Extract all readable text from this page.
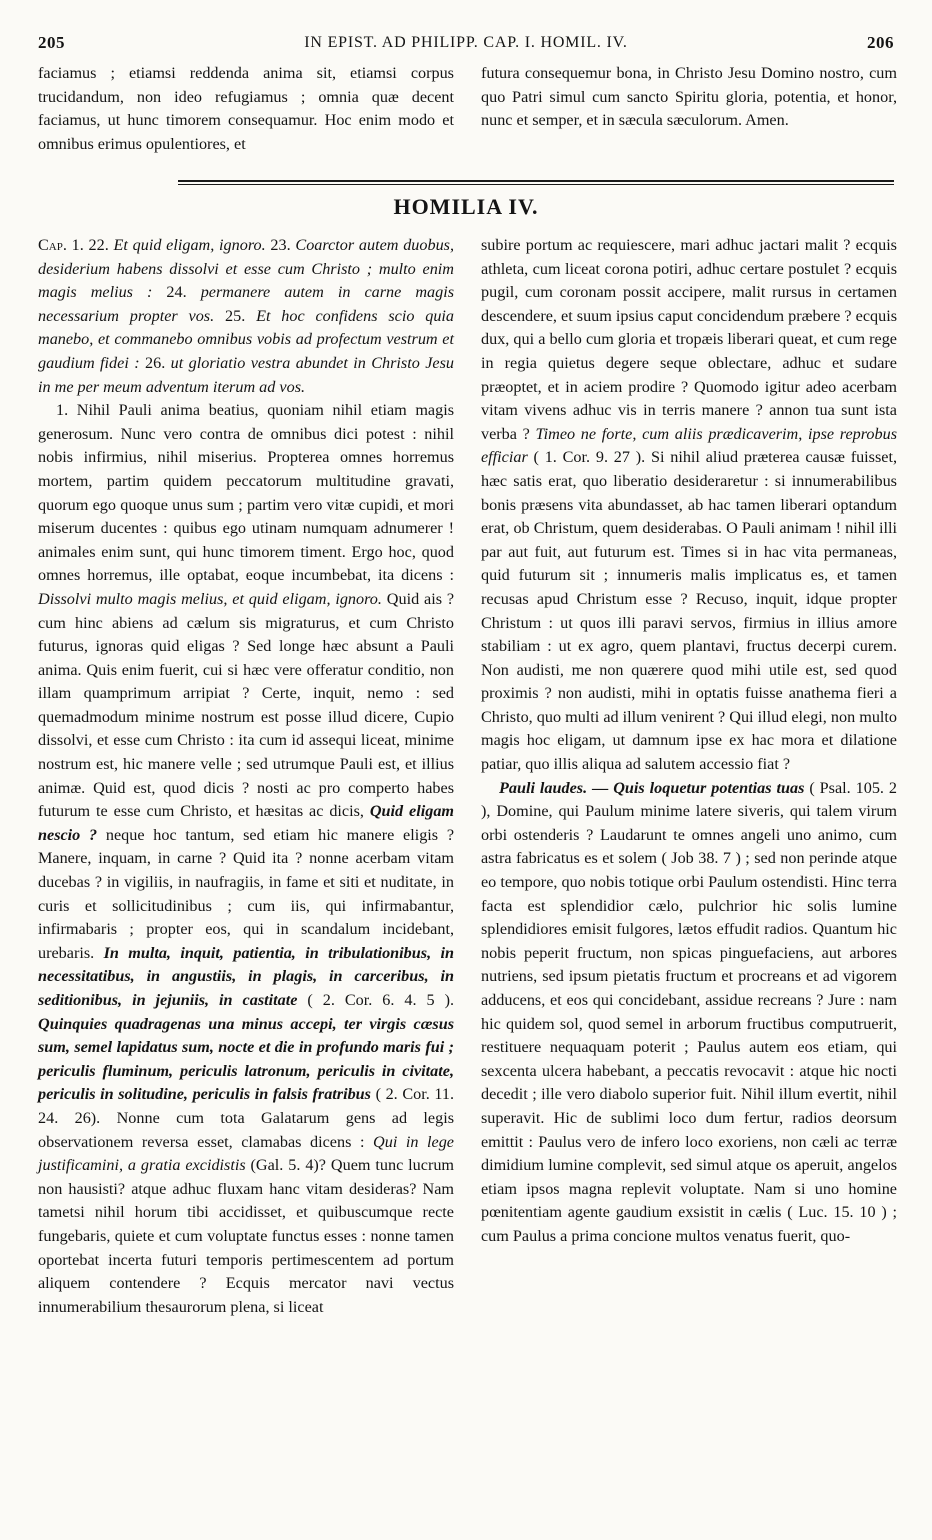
205	IN EPIST. AD PHILIPP. CAP. I. HOMIL. IV.	206

faciamus ; etiamsi reddenda anima sit, etiamsi corpus trucidandum, non ideo refugiamus ; omnia quæ decent faciamus, ut hunc timorem consequamur. Hoc enim modo et omnibus erimus opulentiores, et

futura consequemur bona, in Christo Jesu Domino nostro, cum quo Patri simul cum sancto Spiritu gloria, potentia, et honor, nunc et semper, et in sæcula sæculorum. Amen.

HOMILIA IV.

Cap. 1. 22. Et quid eligam, ignoro. 23. Coarctor autem duobus, desiderium habens dissolvi et esse cum Christo ; multo enim magis melius : 24. permanere autem in carne magis necessarium propter vos. 25. Et hoc confidens scio quia manebo, et commanebo omnibus vobis ad profectum vestrum et gaudium fidei : 26. ut gloriatio vestra abundet in Christo Jesu in me per meum adventum iterum ad vos.

1. Nihil Pauli anima beatius, quoniam nihil etiam magis generosum. Nunc vero contra de omnibus dici potest : nihil nobis infirmius, nihil miserius. Propterea omnes horremus mortem, partim quidem peccatorum multitudine gravati, quorum ego quoque unus sum ; partim vero vitæ cupidi, et mori miserum ducentes : quibus ego utinam numquam adnumerer ! animales enim sunt, qui hunc timorem timent. Ergo hoc, quod omnes horremus, ille optabat, eoque incumbebat, ita dicens : Dissolvi multo magis melius, et quid eligam, ignoro. Quid ais ? cum hinc abiens ad cælum sis migraturus, et cum Christo futurus, ignoras quid eligas ? Sed longe hæc absunt a Pauli anima. Quis enim fuerit, cui si hæc vere offeratur conditio, non illam quamprimum arripiat ? Certe, inquit, nemo : sed quemadmodum minime nostrum est posse illud dicere, Cupio dissolvi, et esse cum Christo : ita cum id assequi liceat, minime nostrum est, hic manere velle ; sed utrumque Pauli est, et illius animæ. Quid est, quod dicis ? nosti ac pro comperto habes futurum te esse cum Christo, et hæsitas ac dicis, Quid eligam nescio ? neque hoc tantum, sed etiam hic manere eligis ? Manere, inquam, in carne ? Quid ita ? nonne acerbam vitam ducebas ? in vigiliis, in naufragiis, in fame et siti et nuditate, in curis et sollicitudinibus ; cum iis, qui infirmabantur, infirmabaris ; propter eos, qui in scandalum incidebant, urebaris. In multa, inquit, patientia, in tribulationibus, in necessitatibus, in angustiis, in plagis, in carceribus, in seditionibus, in jejuniis, in castitate ( 2. Cor. 6. 4. 5 ). Quinquies quadragenas una minus accepi, ter virgis cæsus sum, semel lapidatus sum, nocte et die in profundo maris fui ; periculis fluminum, periculis latronum, periculis in civitate, periculis in solitudine, periculis in falsis fratribus ( 2. Cor. 11. 24. 26). Nonne cum tota Galatarum gens ad legis observationem reversa esset, clamabas dicens : Qui in lege justificamini, a gratia excidistis (Gal. 5. 4)? Quem tunc lucrum non hausisti? atque adhuc fluxam hanc vitam desideras? Nam tametsi nihil horum tibi accidisset, et quibuscumque recte fungebaris, quiete et cum voluptate functus esses : nonne tamen oportebat incerta futuri temporis pertimescentem ad portum aliquem contendere ? Ecquis mercator navi vectus innumerabilium thesaurorum plena, si liceat

subire portum ac requiescere, mari adhuc jactari malit ? ecquis athleta, cum liceat corona potiri, adhuc certare postulet ? ecquis pugil, cum coronam possit accipere, malit rursus in certamen descendere, et suum ipsius caput concidendum præbere ? ecquis dux, qui a bello cum gloria et tropæis liberari queat, et cum rege in regia quietus degere seque oblectare, adhuc et sudare præoptet, et in aciem prodire ? Quomodo igitur adeo acerbam vitam vivens adhuc vis in terris manere ? annon tua sunt ista verba ? Timeo ne forte, cum aliis prædicaverim, ipse reprobus efficiar ( 1. Cor. 9. 27 ). Si nihil aliud præterea causæ fuisset, hæc satis erat, quo liberatio desideraretur : si innumerabilibus bonis præsens vita abundasset, ab hac tamen liberari optandum erat, ob Christum, quem desiderabas. O Pauli animam ! nihil illi par aut fuit, aut futurum est. Times si in hac vita permaneas, quid futurum sit ; innumeris malis implicatus es, et tamen recusas apud Christum esse ? Recuso, inquit, idque propter Christum : ut quos illi paravi servos, firmius in illius amore stabiliam : ut ex agro, quem plantavi, fructus decerpi curem. Non audisti, me non quærere quod mihi utile est, sed quod proximis ? non audisti, mihi in optatis fuisse anathema fieri a Christo, quo multi ad illum venirent ? Qui illud elegi, non multo magis hoc eligam, ut damnum ipse ex hac mora et dilatione patiar, quo illis aliqua ad salutem accessio fiat ?

Pauli laudes. — Quis loquetur potentias tuas ( Psal. 105. 2 ), Domine, qui Paulum minime latere siveris, qui talem virum orbi ostenderis ? Laudarunt te omnes angeli uno animo, cum astra fabricatus es et solem ( Job 38. 7 ) ; sed non perinde atque eo tempore, quo nobis totique orbi Paulum ostendisti. Hinc terra facta est splendidior cælo, pulchrior hic solis lumine splendidiores emisit fulgores, lætos effudit radios. Quantum hic nobis peperit fructum, non spicas pinguefaciens, aut arbores nutriens, sed ipsum pietatis fructum et procreans et ad vigorem adducens, et eos qui concidebant, assidue recreans ? Jure : nam hic quidem sol, quod semel in arborum fructibus computruerit, restituere nequaquam poterit ; Paulus autem eos etiam, qui sexcenta ulcera habebant, a peccatis revocavit : atque hic nocti decedit ; ille vero diabolo superior fuit. Nihil illum evertit, nihil superavit. Hic de sublimi loco dum fertur, radios deorsum emittit : Paulus vero de infero loco exoriens, non cæli ac terræ dimidium lumine complevit, sed simul atque os aperuit, angelos etiam ipsos magna replevit voluptate. Nam si uno homine pœnitentiam agente gaudium exsistit in cælis ( Luc. 15. 10 ) ; cum Paulus a prima concione multos venatus fuerit, quo-
